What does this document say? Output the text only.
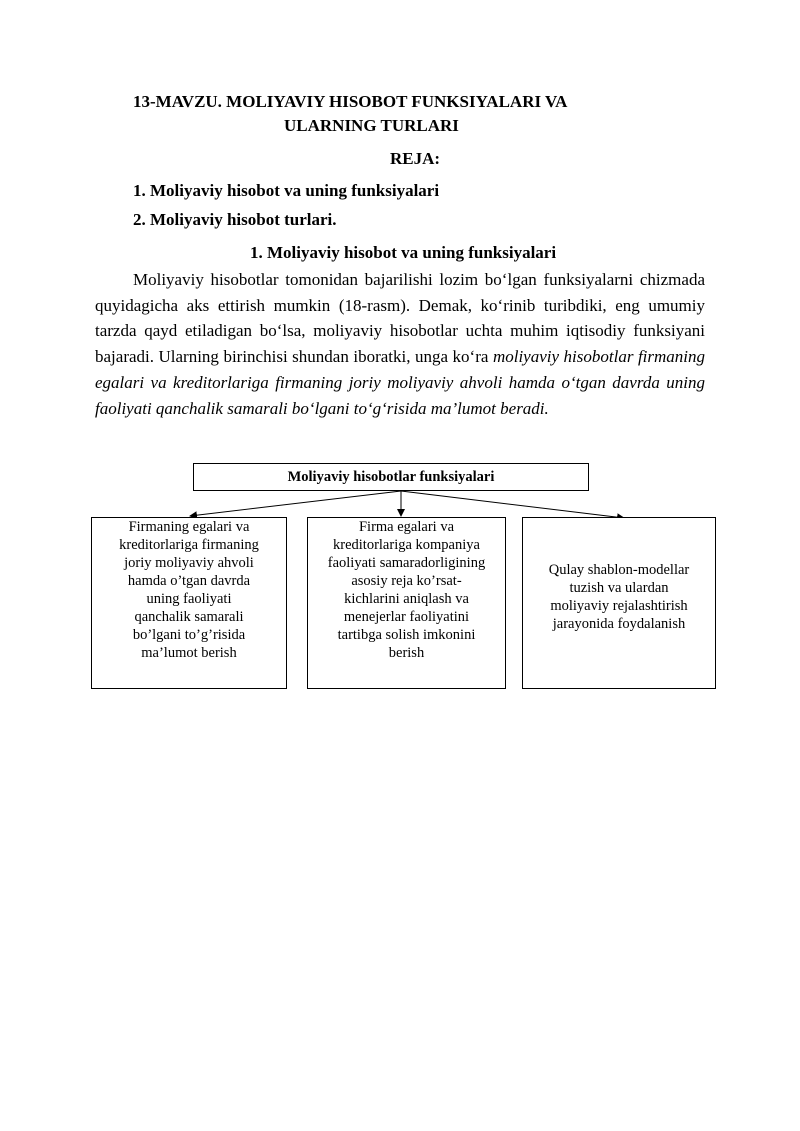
13-MAVZU. MOLIYAVIY HISOBOT FUNKSIYALARI VA
ULARNING TURLARI
REJA:
1. Moliyaviy hisobot va uning funksiyalari
2. Moliyaviy hisobot turlari.
1. Moliyaviy hisobot va uning funksiyalari
Moliyaviy hisobotlar tomonidan bajarilishi lozim bo‘lgan funksiyalarni chizmada quyidagicha aks ettirish mumkin (18-rasm). Demak, ko‘rinib turibdiki, eng umumiy tarzda qayd etiladigan bo‘lsa, moliyaviy hisobotlar uchta muhim iqtisodiy funksiyani bajaradi. Ularning birinchisi shundan iboratki, unga ko‘ra moliyaviy hisobotlar firmaning egalari va kreditorlariga firmaning joriy moliyaviy ahvoli hamda o‘tgan davrda uning faoliyati qanchalik samarali bo‘lgani to‘g‘risida ma’lumot beradi.
Moliyaviy hisobotlar funksiyalari
Firmaning egalari va
kreditorlariga firmaning
joriy moliyaviy ahvoli
hamda o’tgan davrda
uning faoliyati
qanchalik samarali
bo’lgani to’g’risida
ma’lumot berish
Firma egalari va
kreditorlariga kompaniya
faoliyati samaradorligining
asosiy reja ko’rsat-
kichlarini aniqlash va
menejerlar faoliyatini
tartibga solish imkonini
berish
Qulay shablon-modellar
tuzish va ulardan
moliyaviy rejalashtirish
jarayonida foydalanish
